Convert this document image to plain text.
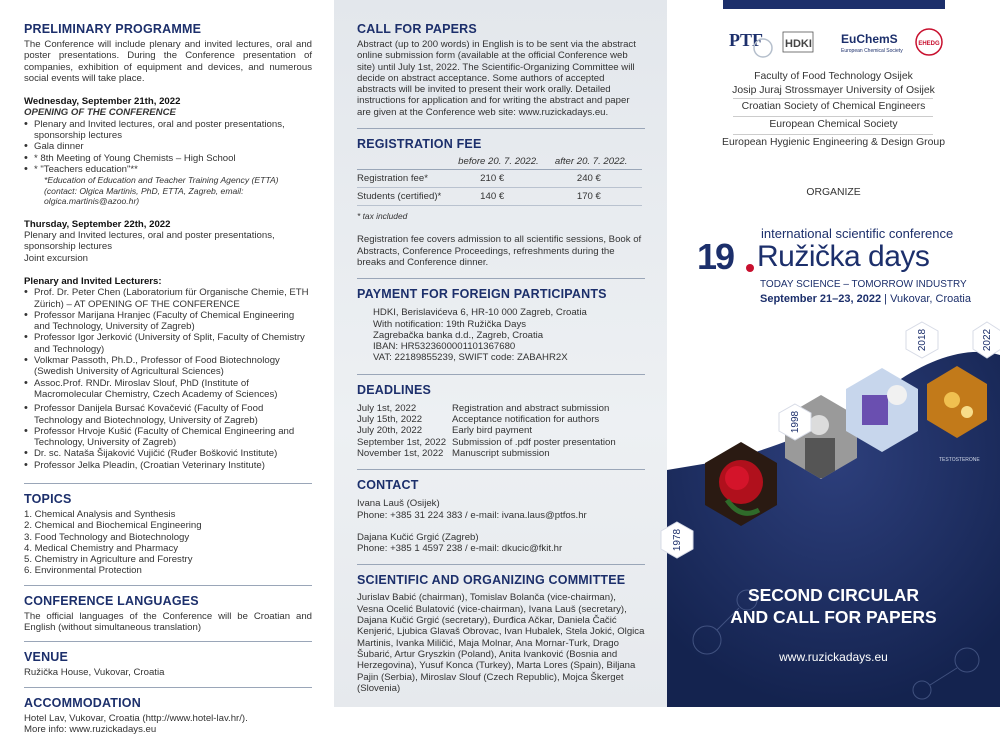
PRELIMINARY PROGRAMME

The Conference will include plenary and invited lectures, oral and poster presentations. During the Conference presentation of companies, exhibition of equipment and devices, and numerous social events will take place.

Wednesday, September 21th, 2022
OPENING OF THE CONFERENCE
• Plenary and Invited lectures, oral and poster presentations, sponsorship lectures
• Gala dinner
• * 8th Meeting of Young Chemists – High School
• * "Teachers education"**
*Education of Education and Teacher Training Agency (ETTA) (contact: Olgica Martinis, PhD, ETTA, Zagreb, email: olgica.martinis@azoo.hr)
Thursday, September 22th, 2022
Plenary and Invited lectures, oral and poster presentations, sponsorship lectures
Joint excursion
Plenary and Invited Lecturers:
• Prof. Dr. Peter Chen (Laboratorium für Organische Chemie, ETH Zürich) – AT OPENING OF THE CONFERENCE
• Professor Marijana Hranjec (Faculty of Chemical Engineering and Technology, University of Zagreb)
• Professor Igor Jerković (University of Split, Faculty of Chemistry and Technology)
• Volkmar Passoth, Ph.D., Professor of Food Biotechnology (Swedish University of Agricultural Sciences)
• Assoc.Prof. RNDr. Miroslav Slouf, PhD (Institute of Macromolecular Chemistry, Czech Academy of Sciences)
• Professor Danijela Bursać Kovačević (Faculty of Food Technology and Biotechnology, University of Zagreb)
• Professor Hrvoje Kušić (Faculty of Chemical Engineering and Technology, University of Zagreb)
• Dr. sc. Nataša Šijaković Vujičić (Ruđer Bošković Institute)
• Professor Jelka Pleadin, (Croatian Veterinary Institute)
TOPICS
1. Chemical Analysis and Synthesis
2. Chemical and Biochemical Engineering
3. Food Technology and Biotechnology
4. Medical Chemistry and Pharmacy
5. Chemistry in Agriculture and Forestry
6. Environmental Protection
CONFERENCE LANGUAGES

The official languages of the Conference will be Croatian and English (without simultaneous translation)

VENUE

Ružička House, Vukovar, Croatia

ACCOMMODATION

Hotel Lav, Vukovar, Croatia (http://www.hotel-lav.hr/).

More info: www.ruzickadays.eu

CALL FOR PAPERS

Abstract (up to 200 words) in English is to be sent via the abstract online submission form (available at the official Conference web site) until July 1st, 2022. The Scientific-Organizing Committee will decide on abstract acceptance. Some authors of accepted abstracts will be invited to present their work orally. Detailed instructions for application and for writing the abstract and paper are given at the Conference web site: www.ruzickadays.eu.

REGISTRATION FEE
	before 20. 7. 2022.	after 20. 7. 2022.
Registration fee*	210 €	240 €
Students (certified)*	140 €	170 €
* tax included

Registration fee covers admission to all scientific sessions, Book of Abstracts, Conference Proceedings, refreshments during the breaks and Conference dinner.

PAYMENT FOR FOREIGN PARTICIPANTS
HDKI, Berislavićeva 6, HR-10 000 Zagreb, Croatia
With notification: 19th Ružička Days
Zagrebačka banka d.d., Zagreb, Croatia
IBAN: HR5323600001101367680
VAT: 22189855239, SWIFT code: ZABAHR2X
DEADLINES
July 1st, 2022	Registration and abstract submission
July 15th, 2022	Acceptance notification for authors
July 20th, 2022	Early bird payment
September 1st, 2022 Submission of .pdf poster presentation
November 1st, 2022 Manuscript submission
CONTACT
Ivana Lauš (Osijek)
Phone: +385 31 224 383 / e-mail: ivana.laus@ptfos.hr
Dajana Kučić Grgić (Zagreb)
Phone: +385 1 4597 238 / e-mail: dkucic@fkit.hr
SCIENTIFIC AND ORGANIZING COMMITTEE

Jurislav Babić (chairman), Tomislav Bolanča (vice-chairman), Vesna Ocelić Bulatović (vice-chairman), Ivana Lauš (secretary), Dajana Kučić Grgić (secretary), Đurđica Ačkar, Daniela Čačić Kenjerić, Ljubica Glavaš Obrovac, Ivan Hubalek, Stela Jokić, Olgica Martinis, Ivanka Miličić, Maja Molnar, Ana Mornar-Turk, Drago Šubarić, Artur Gryszkin (Poland), Anita Ivanković (Bosnia and Herzegovina), Yusuf Konca (Turkey), Marta Lores (Spain), Biljana Pajin (Serbia), Miroslav Slouf (Czech Republic), Mojca Škerget (Slovenia)

PTF HDKI EuChemS
European Chemical Society
EHEDG
Faculty of Food Technology Osijek
Josip Juraj Strossmayer University of Osijek
Croatian Society of Chemical Engineers
European Chemical Society
European Hygienic Engineering & Design Group
ORGANIZE
international scientific conference
19 Ružička days
TODAY SCIENCE – TOMORROW INDUSTRY
September 21–23, 2022 | Vukovar, Croatia
TESTOSTERONE
2018	2022
1998
1978
SECOND CIRCULAR
AND CALL FOR PAPERS
www.ruzickadays.eu
